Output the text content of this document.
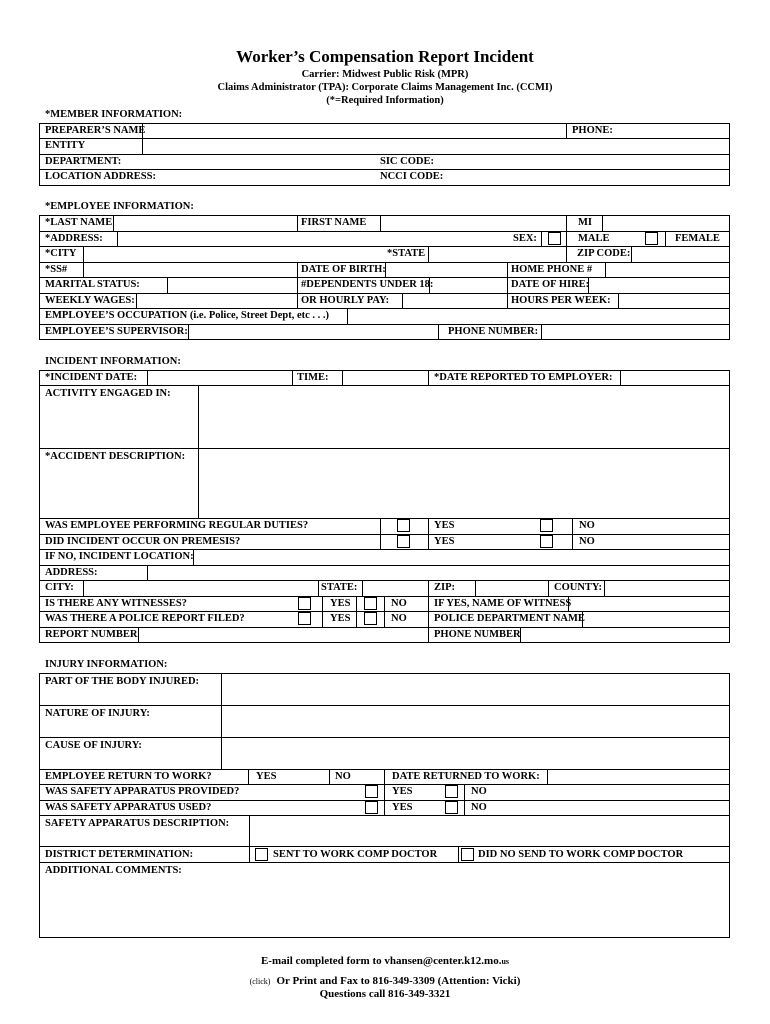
Worker’s Compensation Report Incident
Carrier: Midwest Public Risk (MPR)
Claims Administrator (TPA): Corporate Claims Management Inc. (CCMI)
(*=Required Information)
*MEMBER INFORMATION:
PREPARER’S NAME	PHONE:
ENTITY
DEPARTMENT:	SIC CODE:
LOCATION ADDRESS:	NCCI CODE:
*EMPLOYEE INFORMATION:
*LAST NAME	FIRST NAME	MI
*ADDRESS:	SEX:	MALE	FEMALE
*CITY	*STATE	ZIP CODE:
*SS#	DATE OF BIRTH:	HOME PHONE #
MARITAL STATUS:	#DEPENDENTS UNDER 18:	DATE OF HIRE:
WEEKLY WAGES:	OR HOURLY PAY:	HOURS PER WEEK:
EMPLOYEE’S OCCUPATION (i.e. Police, Street Dept, etc . . .)
EMPLOYEE’S SUPERVISOR:	PHONE NUMBER:
INCIDENT INFORMATION:
*INCIDENT DATE:	TIME:	*DATE REPORTED TO EMPLOYER:
ACTIVITY ENGAGED IN:
*ACCIDENT DESCRIPTION:
WAS EMPLOYEE PERFORMING REGULAR DUTIES?	YES	NO
DID INCIDENT OCCUR ON PREMESIS?	YES	NO
IF NO, INCIDENT LOCATION:
ADDRESS:
CITY:	STATE:	ZIP:	COUNTY:
IS THERE ANY WITNESSES?	YES	NO	IF YES, NAME OF WITNESS
WAS THERE A POLICE REPORT FILED?	YES	NO	POLICE DEPARTMENT NAME
REPORT NUMBER	PHONE NUMBER
INJURY INFORMATION:
PART OF THE BODY INJURED:
NATURE OF INJURY:
CAUSE OF INJURY:
EMPLOYEE RETURN TO WORK?	YES	NO	DATE RETURNED TO WORK:
WAS SAFETY APPARATUS PROVIDED?	YES	NO
WAS SAFETY APPARATUS USED?	YES	NO
SAFETY APPARATUS DESCRIPTION:
DISTRICT DETERMINATION:	SENT TO WORK COMP DOCTOR	DID NO SEND TO WORK COMP DOCTOR
ADDITIONAL COMMENTS:
E-mail completed form to vhansen@center.k12.mo.us
(click) Or Print and Fax to 816-349-3309 (Attention: Vicki)
Questions call 816-349-3321
